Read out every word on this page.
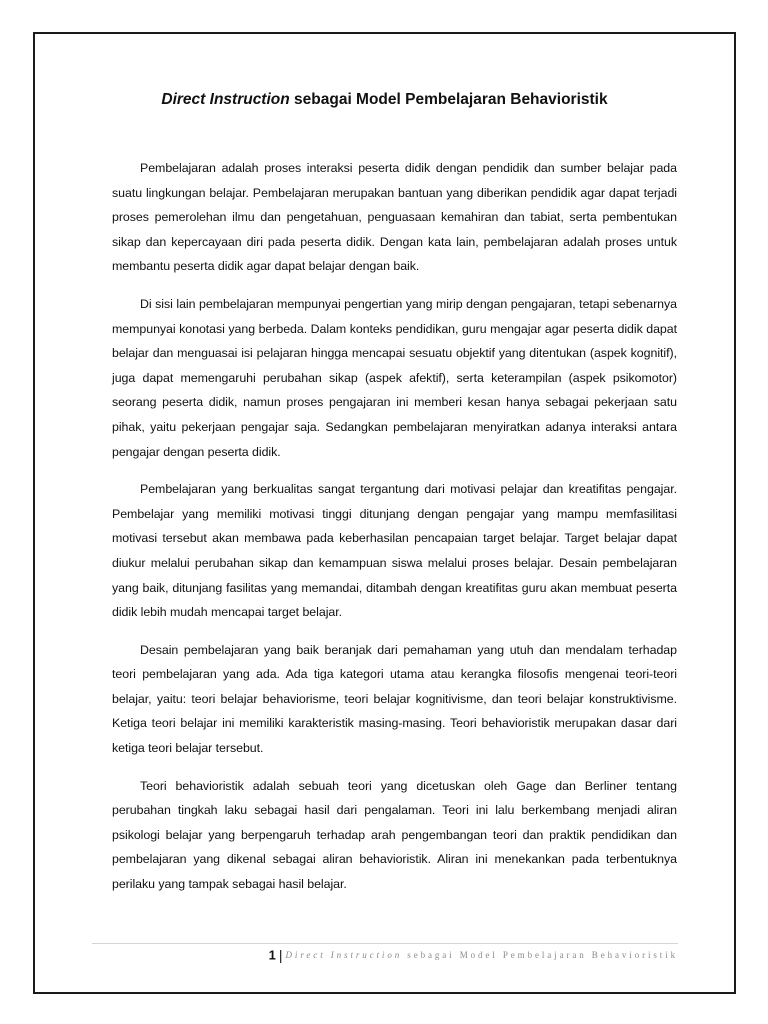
Direct Instruction sebagai Model Pembelajaran Behavioristik

Pembelajaran adalah proses interaksi peserta didik dengan pendidik dan sumber belajar pada suatu lingkungan belajar. Pembelajaran merupakan bantuan yang diberikan pendidik agar dapat terjadi proses pemerolehan ilmu dan pengetahuan, penguasaan kemahiran dan tabiat, serta pembentukan sikap dan kepercayaan diri pada peserta didik. Dengan kata lain, pembelajaran adalah proses untuk membantu peserta didik agar dapat belajar dengan baik.

Di sisi lain pembelajaran mempunyai pengertian yang mirip dengan pengajaran, tetapi sebenarnya mempunyai konotasi yang berbeda. Dalam konteks pendidikan, guru mengajar agar peserta didik dapat belajar dan menguasai isi pelajaran hingga mencapai sesuatu objektif yang ditentukan (aspek kognitif), juga dapat memengaruhi perubahan sikap (aspek afektif), serta keterampilan (aspek psikomotor) seorang peserta didik, namun proses pengajaran ini memberi kesan hanya sebagai pekerjaan satu pihak, yaitu pekerjaan pengajar saja. Sedangkan pembelajaran menyiratkan adanya interaksi antara pengajar dengan peserta didik.

Pembelajaran yang berkualitas sangat tergantung dari motivasi pelajar dan kreatifitas pengajar. Pembelajar yang memiliki motivasi tinggi ditunjang dengan pengajar yang mampu memfasilitasi motivasi tersebut akan membawa pada keberhasilan pencapaian target belajar. Target belajar dapat diukur melalui perubahan sikap dan kemampuan siswa melalui proses belajar. Desain pembelajaran yang baik, ditunjang fasilitas yang memandai, ditambah dengan kreatifitas guru akan membuat peserta didik lebih mudah mencapai target belajar.

Desain pembelajaran yang baik beranjak dari pemahaman yang utuh dan mendalam terhadap teori pembelajaran yang ada. Ada tiga kategori utama atau kerangka filosofis mengenai teori-teori belajar, yaitu: teori belajar behaviorisme, teori belajar kognitivisme, dan teori belajar konstruktivisme. Ketiga teori belajar ini memiliki karakteristik masing-masing. Teori behavioristik merupakan dasar dari ketiga teori belajar tersebut.

Teori behavioristik adalah sebuah teori yang dicetuskan oleh Gage dan Berliner tentang perubahan tingkah laku sebagai hasil dari pengalaman. Teori ini lalu berkembang menjadi aliran psikologi belajar yang berpengaruh terhadap arah pengembangan teori dan praktik pendidikan dan pembelajaran yang dikenal sebagai aliran behavioristik. Aliran ini menekankan pada terbentuknya perilaku yang tampak sebagai hasil belajar.

1 | Direct Instruction sebagai Model Pembelajaran Behavioristik
